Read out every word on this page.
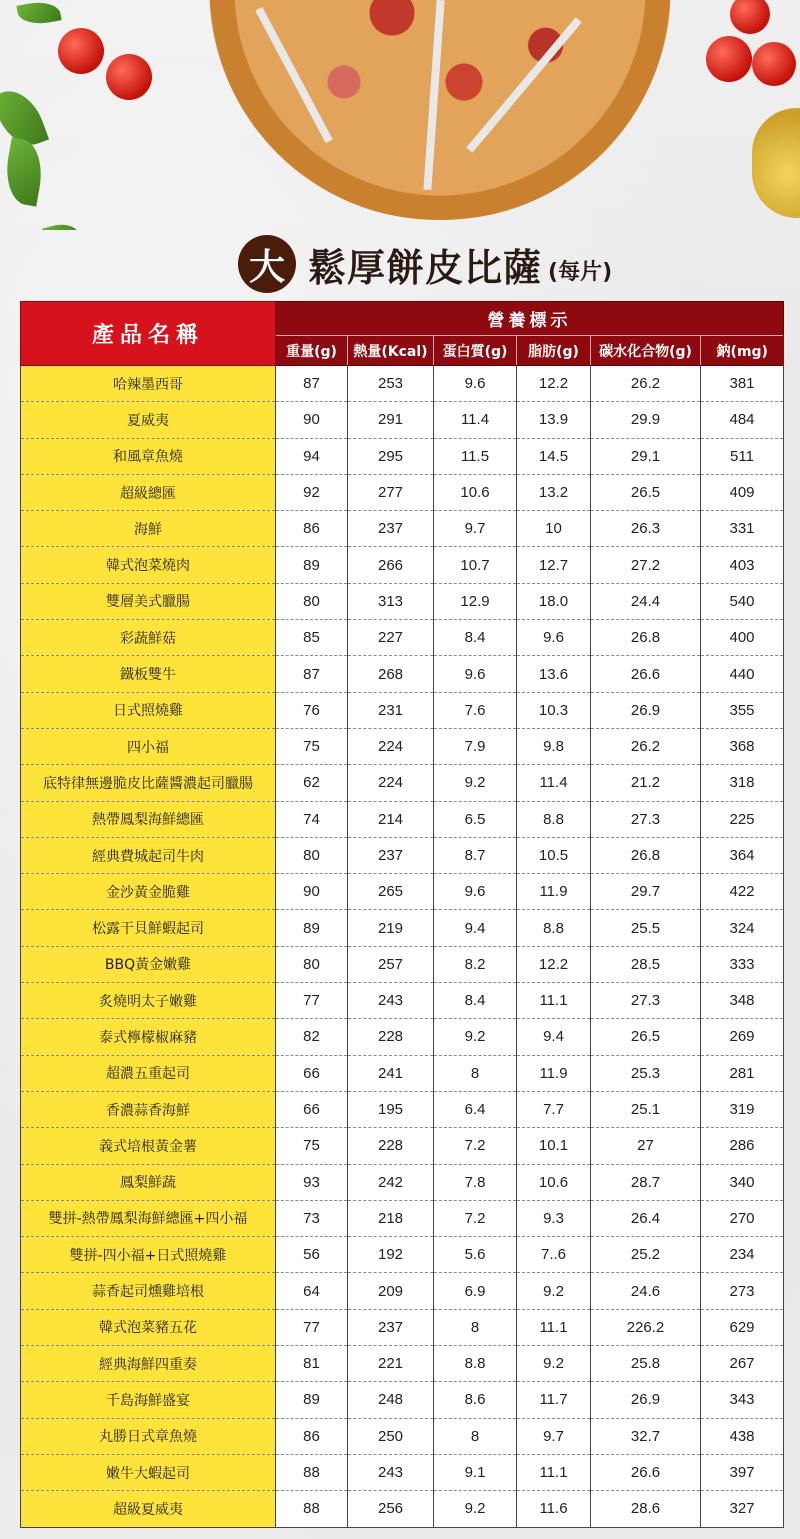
大 鬆厚餅皮比薩 (每片)
產品名稱	營養標示					
	重量(g)	熱量(Kcal)	蛋白質(g)	脂肪(g)	碳水化合物(g)	鈉(mg)
哈辣墨西哥	87	253	9.6	12.2	26.2	381
夏威夷	90	291	11.4	13.9	29.9	484
和風章魚燒	94	295	11.5	14.5	29.1	511
超級總匯	92	277	10.6	13.2	26.5	409
海鮮	86	237	9.7	10	26.3	331
韓式泡菜燒肉	89	266	10.7	12.7	27.2	403
雙層美式臘腸	80	313	12.9	18.0	24.4	540
彩蔬鮮菇	85	227	8.4	9.6	26.8	400
鐵板雙牛	87	268	9.6	13.6	26.6	440
日式照燒雞	76	231	7.6	10.3	26.9	355
四小福	75	224	7.9	9.8	26.2	368
底特律無邊脆皮比薩醬濃起司臘腸	62	224	9.2	11.4	21.2	318
熱帶鳳梨海鮮總匯	74	214	6.5	8.8	27.3	225
經典費城起司牛肉	80	237	8.7	10.5	26.8	364
金沙黃金脆雞	90	265	9.6	11.9	29.7	422
松露干貝鮮蝦起司	89	219	9.4	8.8	25.5	324
BBQ黃金嫩雞	80	257	8.2	12.2	28.5	333
炙燒明太子嫩雞	77	243	8.4	11.1	27.3	348
泰式檸檬椒麻豬	82	228	9.2	9.4	26.5	269
超濃五重起司	66	241	8	11.9	25.3	281
香濃蒜香海鮮	66	195	6.4	7.7	25.1	319
義式培根黃金薯	75	228	7.2	10.1	27	286
鳳梨鮮蔬	93	242	7.8	10.6	28.7	340
雙拼-熱帶鳳梨海鮮總匯+四小福	73	218	7.2	9.3	26.4	270
雙拼-四小福+日式照燒雞	56	192	5.6	7..6	25.2	234
蒜香起司燻雞培根	64	209	6.9	9.2	24.6	273
韓式泡菜豬五花	77	237	8	11.1	226.2	629
經典海鮮四重奏	81	221	8.8	9.2	25.8	267
千島海鮮盛宴	89	248	8.6	11.7	26.9	343
丸勝日式章魚燒	86	250	8	9.7	32.7	438
嫩牛大蝦起司	88	243	9.1	11.1	26.6	397
超級夏威夷	88	256	9.2	11.6	28.6	327
